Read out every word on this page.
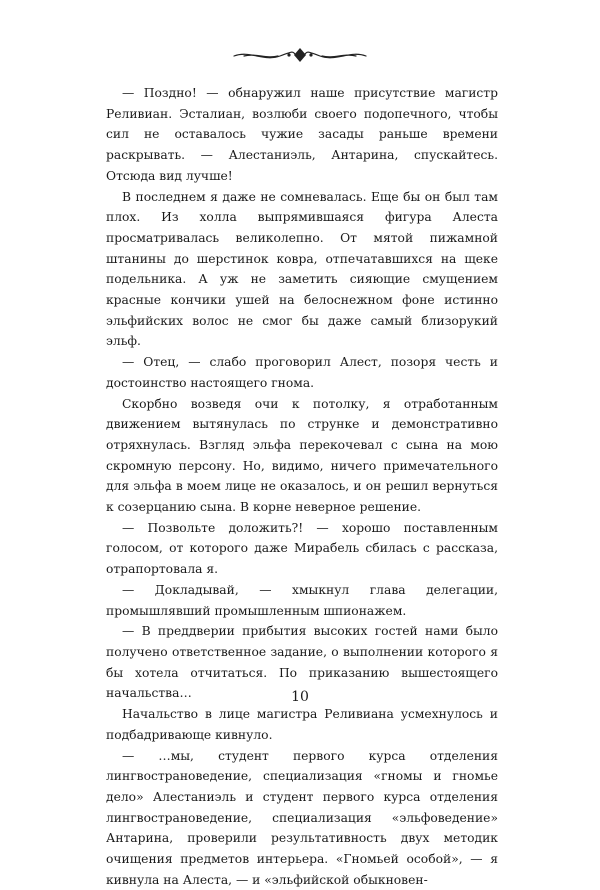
— Поздно! — обнаружил наше присутствие магистр Реливиан. Эсталиан, возлюби своего подопечного, чтобы сил не оставалось чужие засады раньше времени раскрывать. — Алестаниэль, Антарина, спускайтесь. Отсюда вид лучше!

В последнем я даже не сомневалась. Еще бы он был там плох. Из холла выпрямившаяся фигура Алеста просматривалась великолепно. От мятой пижамной штанины до шерстинок ковра, отпечатавшихся на щеке подельника. А уж не заметить сияющие смущением красные кончики ушей на белоснежном фоне истинно эльфийских волос не смог бы даже самый близорукий эльф.

— Отец, — слабо проговорил Алест, позоря честь и достоинство настоящего гнома.

Скорбно возведя очи к потолку, я отработанным движением вытянулась по струнке и демонстративно отряхнулась. Взгляд эльфа перекочевал с сына на мою скромную персону. Но, видимо, ничего примечательного для эльфа в моем лице не оказалось, и он решил вернуться к созерцанию сына. В корне неверное решение.

— Позвольте доложить?! — хорошо поставленным голосом, от которого даже Мирабель сбилась с рассказа, отрапортовала я.

— Докладывай, — хмыкнул глава делегации, промышлявший промышленным шпионажем.

— В преддверии прибытия высоких гостей нами было получено ответственное задание, о выполнении которого я бы хотела отчитаться. По приказанию вышестоящего начальства…

Начальство в лице магистра Реливиана усмехнулось и подбадривающе кивнуло.

— …мы, студент первого курса отделения лингвострановедение, специализация «гномы и гномье дело» Алестаниэль и студент первого курса отделения лингвострановедение, специализация «эльфоведение» Антарина, проверили результативность двух методик очищения предметов интерьера. «Гномьей особой», — я кивнула на Алеста, — и «эльфийской обыкновен-

10
